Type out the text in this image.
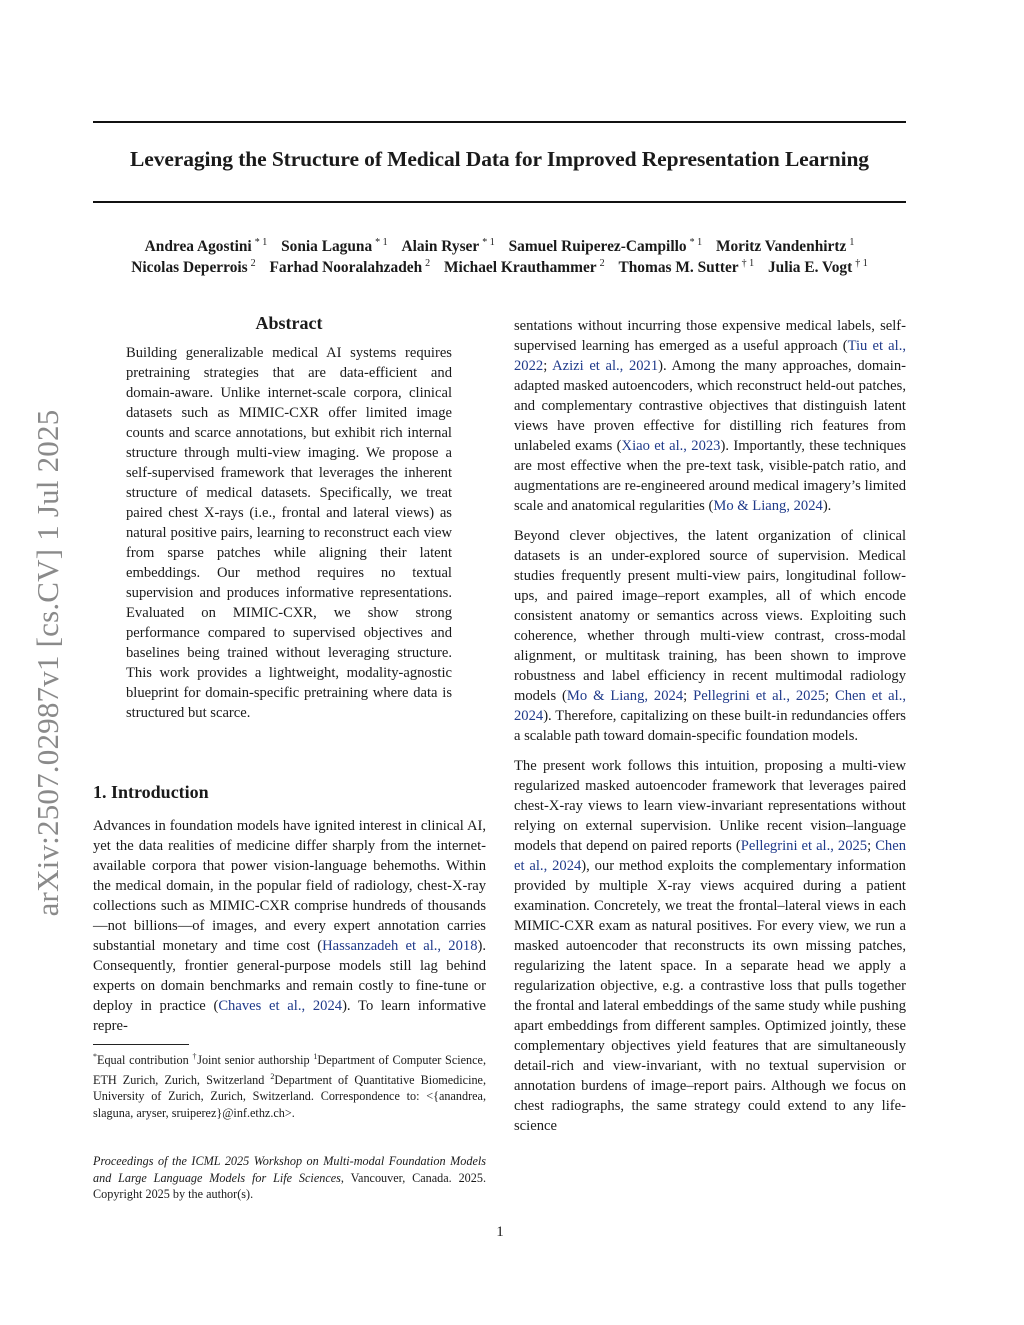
arXiv:2507.02987v1 [cs.CV] 1 Jul 2025
Leveraging the Structure of Medical Data for Improved Representation Learning
Andrea Agostini $^{* 1}$ Sonia Laguna $^{* 1}$ Alain Ryser $^{* 1}$ Samuel Ruiperez-Campillo $^{* 1}$ Moritz Vandenhirtz $^1$
Nicolas Deperrois $^2$ Farhad Nooralahzadeh $^2$ Michael Krauthammer $^2$ Thomas M. Sutter $^{\dagger 1}$ Julia E. Vogt $^{\dagger 1}$
Abstract
Building generalizable medical AI systems requires pretraining strategies that are data-efficient and domain-aware. Unlike internet-scale corpora, clinical datasets such as MIMIC-CXR offer limited image counts and scarce annotations, but exhibit rich internal structure through multi-view imaging. We propose a self-supervised framework that leverages the inherent structure of medical datasets. Specifically, we treat paired chest X-rays (i.e., frontal and lateral views) as natural positive pairs, learning to reconstruct each view from sparse patches while aligning their latent embeddings. Our method requires no textual supervision and produces informative representations. Evaluated on MIMIC-CXR, we show strong performance compared to supervised objectives and baselines being trained without leveraging structure. This work provides a lightweight, modality-agnostic blueprint for domain-specific pretraining where data is structured but scarce.
1. Introduction
Advances in foundation models have ignited interest in clinical AI, yet the data realities of medicine differ sharply from the internet-available corpora that power vision-language behemoths. Within the medical domain, in the popular field of radiology, chest-X-ray collections such as MIMIC-CXR comprise hundreds of thousands—not billions—of images, and every expert annotation carries substantial monetary and time cost (Hassanzadeh et al., 2018). Consequently, frontier general-purpose models still lag behind experts on domain benchmarks and remain costly to fine-tune or deploy in practice (Chaves et al., 2024). To learn informative repre-
*Equal contribution †Joint senior authorship $^1$Department of Computer Science, ETH Zurich, Zurich, Switzerland $^2$Department of Quantitative Biomedicine, University of Zurich, Zurich, Switzerland. Correspondence to: <{anandrea, slaguna, aryser, sruiperez}@inf.ethz.ch>.
Proceedings of the ICML 2025 Workshop on Multi-modal Foundation Models and Large Language Models for Life Sciences, Vancouver, Canada. 2025. Copyright 2025 by the author(s).

sentations without incurring those expensive medical labels, self-supervised learning has emerged as a useful approach (Tiu et al., 2022; Azizi et al., 2021). Among the many approaches, domain-adapted masked autoencoders, which reconstruct held-out patches, and complementary contrastive objectives that distinguish latent views have proven effective for distilling rich features from unlabeled exams (Xiao et al., 2023). Importantly, these techniques are most effective when the pre-text task, visible-patch ratio, and augmentations are re-engineered around medical imagery’s limited scale and anatomical regularities (Mo & Liang, 2024).

Beyond clever objectives, the latent organization of clinical datasets is an under-explored source of supervision. Medical studies frequently present multi-view pairs, longitudinal follow-ups, and paired image–report examples, all of which encode consistent anatomy or semantics across views. Exploiting such coherence, whether through multi-view contrast, cross-modal alignment, or multitask training, has been shown to improve robustness and label efficiency in recent multimodal radiology models (Mo & Liang, 2024; Pellegrini et al., 2025; Chen et al., 2024). Therefore, capitalizing on these built-in redundancies offers a scalable path toward domain-specific foundation models.

The present work follows this intuition, proposing a multi-view regularized masked autoencoder framework that leverages paired chest-X-ray views to learn view-invariant representations without relying on external supervision. Unlike recent vision–language models that depend on paired reports (Pellegrini et al., 2025; Chen et al., 2024), our method exploits the complementary information provided by multiple X-ray views acquired during a patient examination. Concretely, we treat the frontal–lateral views in each MIMIC-CXR exam as natural positives. For every view, we run a masked autoencoder that reconstructs its own missing patches, regularizing the latent space. In a separate head we apply a regularization objective, e.g. a contrastive loss that pulls together the frontal and lateral embeddings of the same study while pushing apart embeddings from different samples. Optimized jointly, these complementary objectives yield features that are simultaneously detail-rich and view-invariant, with no textual supervision or annotation burdens of image–report pairs. Although we focus on chest radiographs, the same strategy could extend to any life-science

1
